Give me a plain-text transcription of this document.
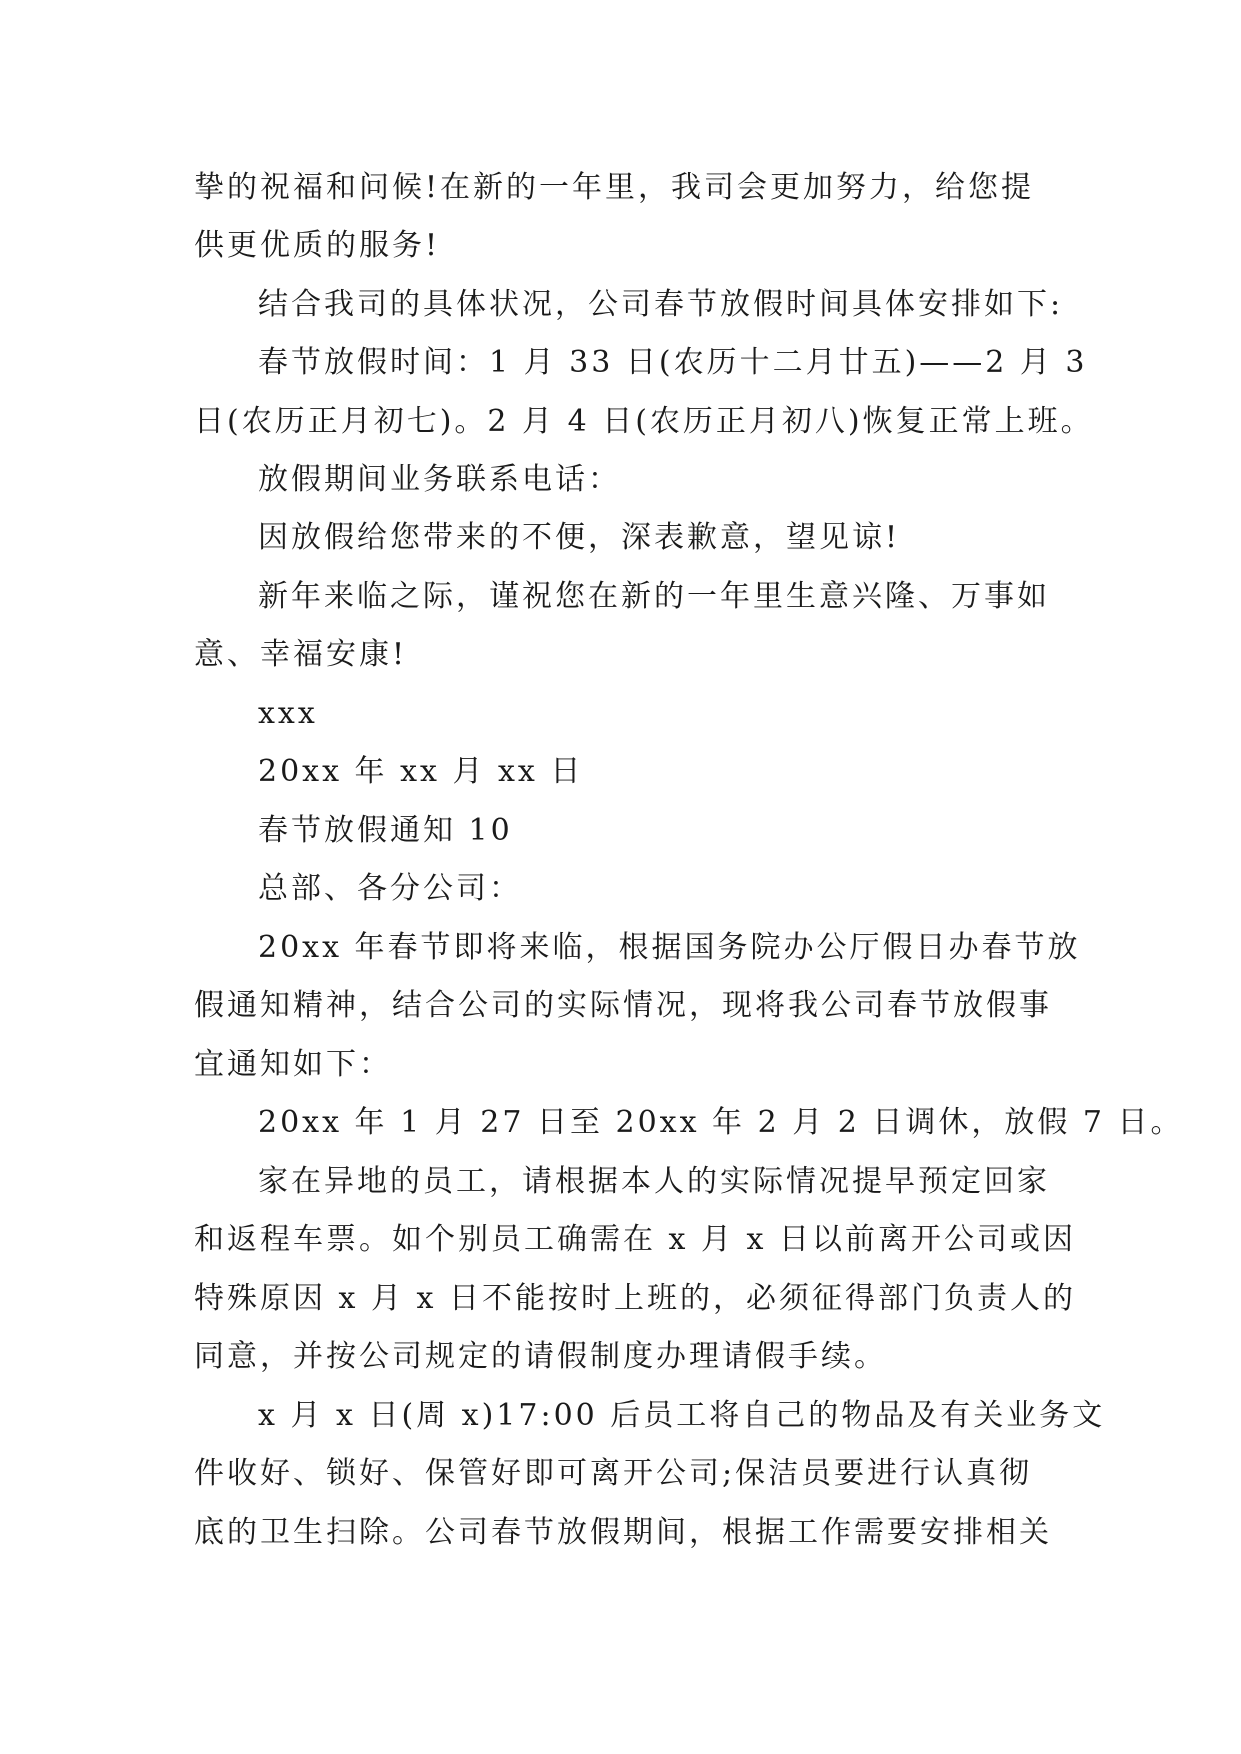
挚的祝福和问候!在新的一年里，我司会更加努力，给您提
供更优质的服务!
结合我司的具体状况，公司春节放假时间具体安排如下:
春节放假时间：1 月 33 日(农历十二月廿五)——2 月 3
日(农历正月初七)。2 月 4 日(农历正月初八)恢复正常上班。
放假期间业务联系电话：
因放假给您带来的不便，深表歉意，望见谅!
新年来临之际，谨祝您在新的一年里生意兴隆、万事如
意、幸福安康!
xxx
20xx 年 xx 月 xx 日
春节放假通知 10
总部、各分公司：
20xx 年春节即将来临，根据国务院办公厅假日办春节放
假通知精神，结合公司的实际情况，现将我公司春节放假事
宜通知如下：
20xx 年 1 月 27 日至 20xx 年 2 月 2 日调休，放假 7 日。
家在异地的员工，请根据本人的实际情况提早预定回家
和返程车票。如个别员工确需在 x 月 x 日以前离开公司或因
特殊原因 x 月 x 日不能按时上班的，必须征得部门负责人的
同意，并按公司规定的请假制度办理请假手续。
x 月 x 日(周 x)17:00 后员工将自己的物品及有关业务文
件收好、锁好、保管好即可离开公司;保洁员要进行认真彻
底的卫生扫除。公司春节放假期间，根据工作需要安排相关
